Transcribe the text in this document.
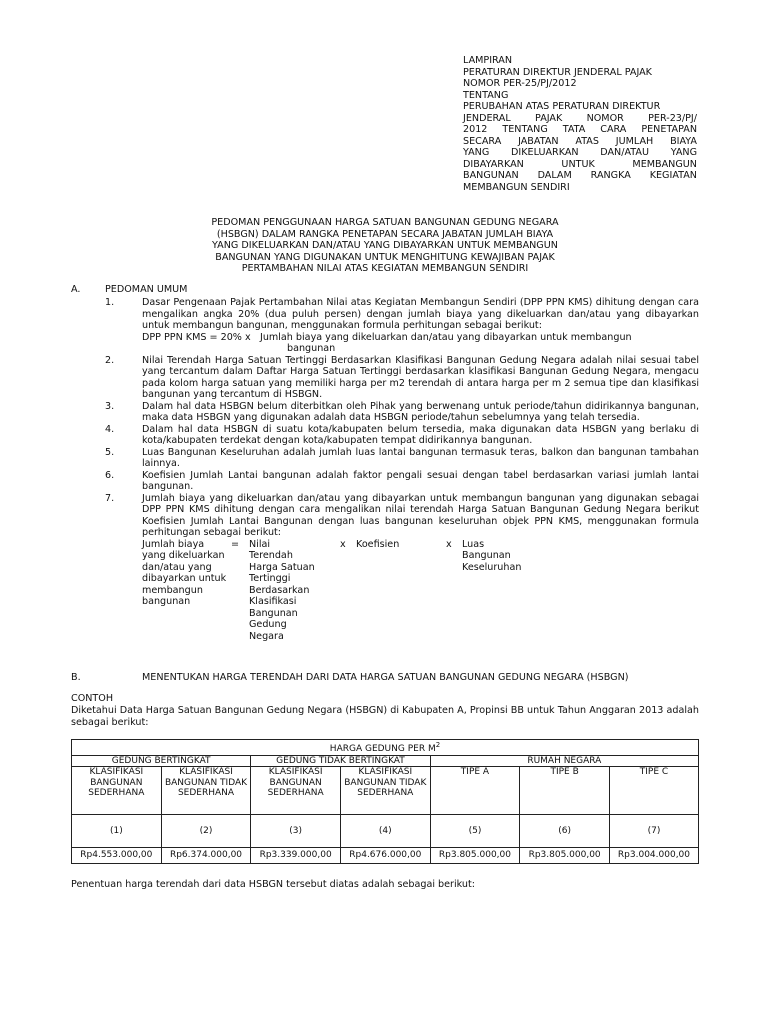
LAMPIRAN
PERATURAN DIREKTUR JENDERAL PAJAK
NOMOR PER-25/PJ/2012
TENTANG
PERUBAHAN ATAS PERATURAN DIREKTUR
JENDERAL PAJAK NOMOR PER-23/PJ/
2012 TENTANG TATA CARA PENETAPAN
SECARA JABATAN ATAS JUMLAH BIAYA
YANG DIKELUARKAN DAN/ATAU YANG
DIBAYARKAN UNTUK MEMBANGUN
BANGUNAN DALAM RANGKA KEGIATAN
MEMBANGUN SENDIRI
PEDOMAN PENGGUNAAN HARGA SATUAN BANGUNAN GEDUNG NEGARA
(HSBGN) DALAM RANGKA PENETAPAN SECARA JABATAN JUMLAH BIAYA
YANG DIKELUARKAN DAN/ATAU YANG DIBAYARKAN UNTUK MEMBANGUN
BANGUNAN YANG DIGUNAKAN UNTUK MENGHITUNG KEWAJIBAN PAJAK
PERTAMBAHAN NILAI ATAS KEGIATAN MEMBANGUN SENDIRI
A.	PEDOMAN UMUM
1.	Dasar Pengenaan Pajak Pertambahan Nilai atas Kegiatan Membangun Sendiri (DPP PPN KMS) dihitung dengan cara mengalikan angka 20% (dua puluh persen) dengan jumlah biaya yang dikeluarkan dan/atau yang dibayarkan untuk membangun bangunan, menggunakan formula perhitungan sebagai berikut:
DPP PPN KMS = 20% x Jumlah biaya yang dikeluarkan dan/atau yang dibayarkan untuk membangun
bangunan
2.	Nilai Terendah Harga Satuan Tertinggi Berdasarkan Klasifikasi Bangunan Gedung Negara adalah nilai sesuai tabel yang tercantum dalam Daftar Harga Satuan Tertinggi berdasarkan klasifikasi Bangunan Gedung Negara, mengacu pada kolom harga satuan yang memiliki harga per m2 terendah di antara harga per m 2 semua tipe dan klasifikasi bangunan yang tercantum di HSBGN.
3.	Dalam hal data HSBGN belum diterbitkan oleh Pihak yang berwenang untuk periode/tahun didirikannya bangunan, maka data HSBGN yang digunakan adalah data HSBGN periode/tahun sebelumnya yang telah tersedia.
4.	Dalam hal data HSBGN di suatu kota/kabupaten belum tersedia, maka digunakan data HSBGN yang berlaku di kota/kabupaten terdekat dengan kota/kabupaten tempat didirikannya bangunan.
5.	Luas Bangunan Keseluruhan adalah jumlah luas lantai bangunan termasuk teras, balkon dan bangunan tambahan lainnya.
6.	Koefisien Jumlah Lantai bangunan adalah faktor pengali sesuai dengan tabel berdasarkan variasi jumlah lantai bangunan.
7.	Jumlah biaya yang dikeluarkan dan/atau yang dibayarkan untuk membangun bangunan yang digunakan sebagai DPP PPN KMS dihitung dengan cara mengalikan nilai terendah Harga Satuan Bangunan Gedung Negara berikut Koefisien Jumlah Lantai Bangunan dengan luas bangunan keseluruhan objek PPN KMS, menggunakan formula perhitungan sebagai berikut:
Jumlah biaya
yang dikeluarkan
dan/atau yang
dibayarkan untuk
membangun
bangunan
= Nilai
Terendah
Harga Satuan
Tertinggi
Berdasarkan
Klasifikasi
Bangunan
Gedung
Negara
x Koefisien	x Luas
Bangunan
Keseluruhan
B.	MENENTUKAN HARGA TERENDAH DARI DATA HARGA SATUAN BANGUNAN GEDUNG NEGARA (HSBGN)
CONTOH
Diketahui Data Harga Satuan Bangunan Gedung Negara (HSBGN) di Kabupaten A, Propinsi BB untuk Tahun Anggaran 2013 adalah sebagai berikut:
HARGA GEDUNG PER $M^2$
GEDUNG BERTINGKAT		GEDUNG TIDAK BERTINGKAT		RUMAH NEGARA		
KLASIFIKASI BANGUNAN SEDERHANA	KLASIFIKASI BANGUNAN TIDAK SEDERHANA	KLASIFIKASI BANGUNAN SEDERHANA	KLASIFIKASI BANGUNAN TIDAK SEDERHANA	TIPE A	TIPE B	TIPE C
(1)	(2)	(3)	(4)	(5)	(6)	(7)
Rp4.553.000,00	Rp6.374.000,00	Rp3.339.000,00	Rp4.676.000,00	Rp3.805.000,00	Rp3.805.000,00	Rp3.004.000,00
Penentuan harga terendah dari data HSBGN tersebut diatas adalah sebagai berikut:
